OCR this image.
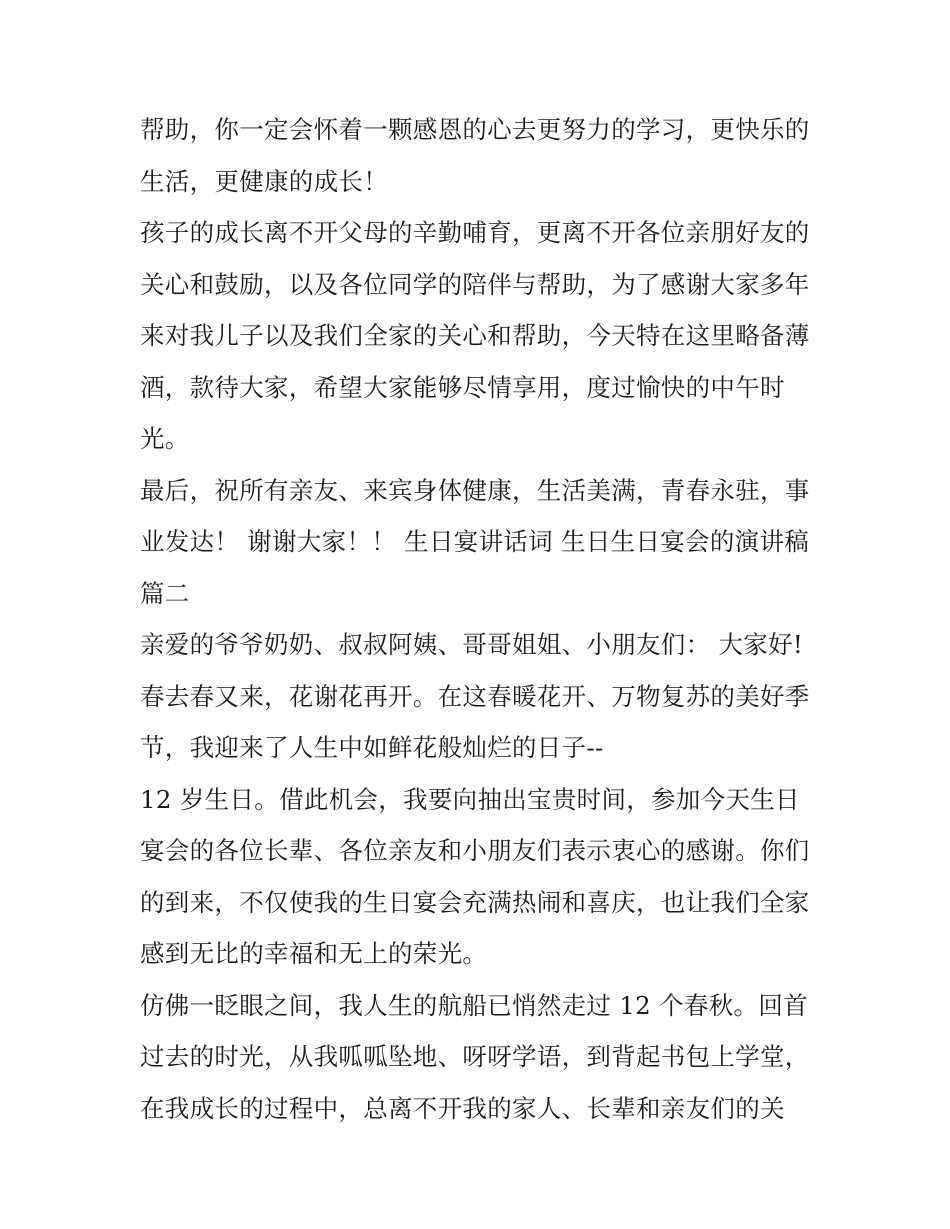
帮助，你一定会怀着一颗感恩的心去更努力的学习，更快乐的
生活，更健康的成长！
孩子的成长离不开父母的辛勤哺育，更离不开各位亲朋好友的
关心和鼓励，以及各位同学的陪伴与帮助，为了感谢大家多年
来对我儿子以及我们全家的关心和帮助，今天特在这里略备薄
酒，款待大家，希望大家能够尽情享用，度过愉快的中午时
光。
最后，祝所有亲友、来宾身体健康，生活美满，青春永驻，事
业发达！ 谢谢大家！！ 生日宴讲话词 生日生日宴会的演讲稿
篇二
亲爱的爷爷奶奶、叔叔阿姨、哥哥姐姐、小朋友们： 大家好!
春去春又来，花谢花再开。在这春暖花开、万物复苏的美好季
节，我迎来了人生中如鲜花般灿烂的日子--
12 岁生日。借此机会，我要向抽出宝贵时间，参加今天生日
宴会的各位长辈、各位亲友和小朋友们表示衷心的感谢。你们
的到来，不仅使我的生日宴会充满热闹和喜庆，也让我们全家
感到无比的幸福和无上的荣光。
仿佛一眨眼之间，我人生的航船已悄然走过 12 个春秋。回首
过去的时光，从我呱呱坠地、呀呀学语，到背起书包上学堂，
在我成长的过程中，总离不开我的家人、长辈和亲友们的关
